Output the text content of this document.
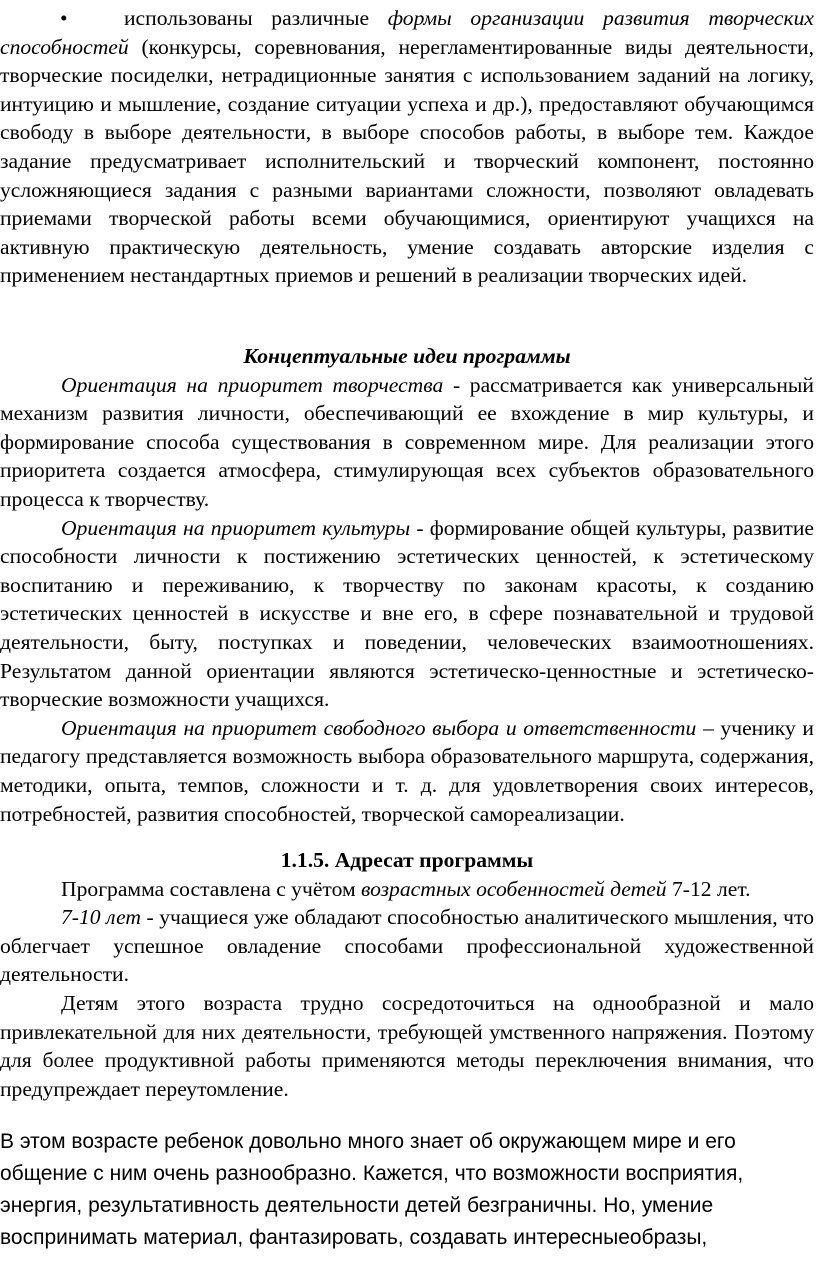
•	использованы различные формы организации развития творческих способностей (конкурсы, соревнования, нерегламентированные виды деятельности, творческие посиделки, нетрадиционные занятия с использованием заданий на логику, интуицию и мышление, создание ситуации успеха и др.), предоставляют обучающимся свободу в выборе деятельности, в выборе способов работы, в выборе тем. Каждое задание предусматривает исполнительский и творческий компонент, постоянно усложняющиеся задания с разными вариантами сложности, позволяют овладевать приемами творческой работы всеми обучающимися, ориентируют учащихся на активную практическую деятельность, умение создавать авторские изделия с применением нестандартных приемов и решений в реализации творческих идей.

Концептуальные идеи программы

Ориентация на приоритет творчества - рассматривается как универсальный механизм развития личности, обеспечивающий ее вхождение в мир культуры, и формирование способа существования в современном мире. Для реализации этого приоритета создается атмосфера, стимулирующая всех субъектов образовательного процесса к творчеству.

Ориентация на приоритет культуры - формирование общей культуры, развитие способности личности к постижению эстетических ценностей, к эстетическому воспитанию и переживанию, к творчеству по законам красоты, к созданию эстетических ценностей в искусстве и вне его, в сфере познавательной и трудовой деятельности, быту, поступках и поведении, человеческих взаимоотношениях. Результатом данной ориентации являются эстетическо-ценностные и эстетическо-творческие возможности учащихся.

Ориентация на приоритет свободного выбора и ответственности – ученику и педагогу представляется возможность выбора образовательного маршрута, содержания, методики, опыта, темпов, сложности и т. д. для удовлетворения своих интересов, потребностей, развития способностей, творческой самореализации.

1.1.5. Адресат программы

Программа составлена с учётом возрастных особенностей детей 7-12 лет.

7-10 лет - учащиеся уже обладают способностью аналитического мышления, что облегчает успешное овладение способами профессиональной художественной деятельности.

Детям этого возраста трудно сосредоточиться на однообразной и мало привлекательной для них деятельности, требующей умственного напряжения. Поэтому для более продуктивной работы применяются методы переключения внимания, что предупреждает переутомление.

В этом возрасте ребенок довольно много знает об окружающем мире и его общение с ним очень разнообразно. Кажется, что возможности восприятия, энергия, результативность деятельности детей безграничны. Но, умение воспринимать материал, фантазировать, создавать интересныеобразы,
